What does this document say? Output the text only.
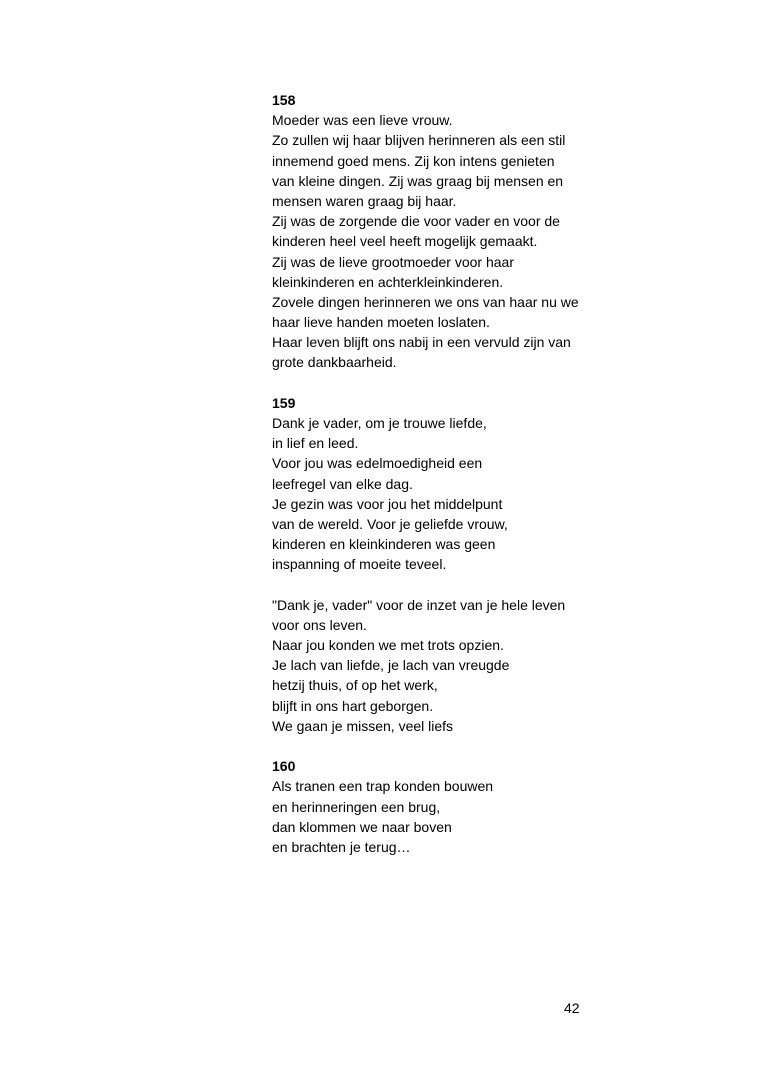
158
Moeder was een lieve vrouw.
Zo zullen wij haar blijven herinneren als een stil
innemend goed mens. Zij kon intens genieten
van kleine dingen. Zij was graag bij mensen en
mensen waren graag bij haar.
Zij was de zorgende die voor vader en voor de
kinderen heel veel heeft mogelijk gemaakt.
Zij was de lieve grootmoeder voor haar
kleinkinderen en achterkleinkinderen.
Zovele dingen herinneren we ons van haar nu we
haar lieve handen moeten loslaten.
Haar leven blijft ons nabij in een vervuld zijn van
grote dankbaarheid.
159
Dank je vader, om je trouwe liefde,
in lief en leed.
Voor jou was edelmoedigheid een
leefregel van elke dag.
Je gezin was voor jou het middelpunt
van de wereld. Voor je geliefde vrouw,
kinderen en kleinkinderen was geen
inspanning of moeite teveel.
"Dank je, vader" voor de inzet van je hele leven
voor ons leven.
Naar jou konden we met trots opzien.
Je lach van liefde, je lach van vreugde
hetzij thuis, of op het werk,
blijft in ons hart geborgen.
We gaan je missen, veel liefs
160
Als tranen een trap konden bouwen
en herinneringen een brug,
dan klommen we naar boven
en brachten je terug…
42
